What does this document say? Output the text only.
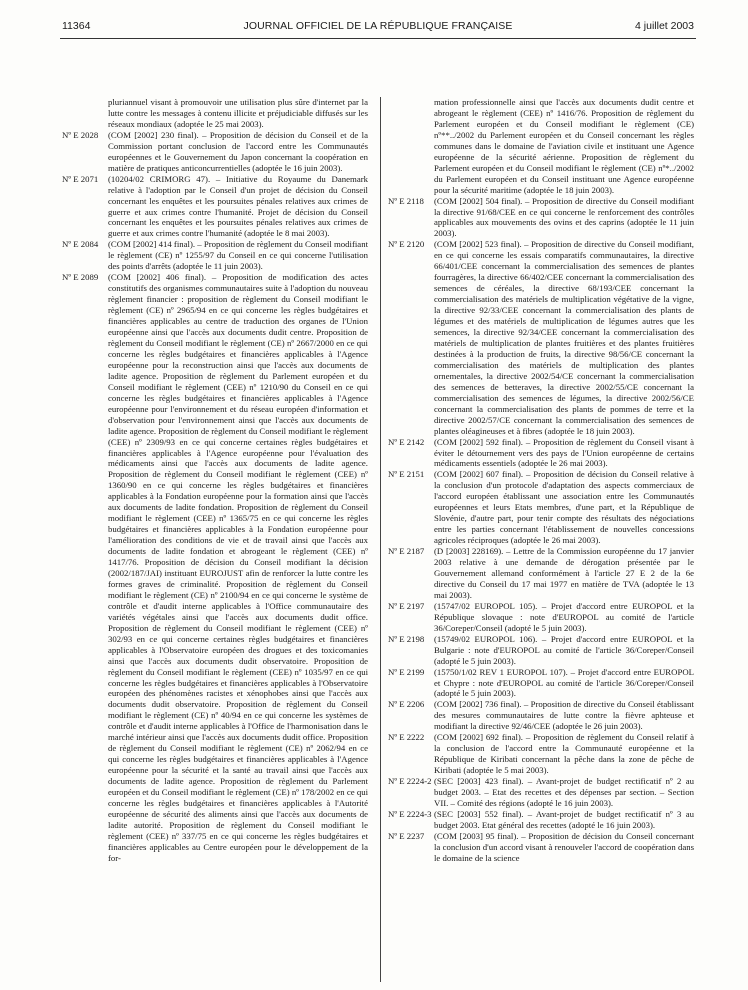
11364	JOURNAL OFFICIEL DE LA RÉPUBLIQUE FRANÇAISE	4 juillet 2003

pluriannuel visant à promouvoir une utilisation plus sûre d'internet par la lutte contre les messages à contenu illicite et préjudiciable diffusés sur les réseaux mondiaux (adoptée le 25 mai 2003).

Nº E 2028 (COM [2002] 230 final). – Proposition de décision du Conseil et de la Commission portant conclusion de l'accord entre les Communautés européennes et le Gouvernement du Japon concernant la coopération en matière de pratiques anticoncurrentielles (adoptée le 16 juin 2003).
Nº E 2071 (10204/02 CRIMORG 47). – Initiative du Royaume du Danemark relative à l'adoption par le Conseil d'un projet de décision du Conseil concernant les enquêtes et les poursuites pénales relatives aux crimes de guerre et aux crimes contre l'humanité. Projet de décision du Conseil concernant les enquêtes et les poursuites pénales relatives aux crimes de guerre et aux crimes contre l'humanité (adoptée le 8 mai 2003).
Nº E 2084 (COM [2002] 414 final). – Proposition de règlement du Conseil modifiant le règlement (CE) nº 1255/97 du Conseil en ce qui concerne l'utilisation des points d'arrêts (adoptée le 11 juin 2003).
Nº E 2089 (COM [2002] 406 final). – Proposition de modification des actes constitutifs des organismes communautaires suite à l'adoption du nouveau règlement financier : proposition de règlement du Conseil modifiant le règlement (CE) nº 2965/94 en ce qui concerne les règles budgétaires et financières applicables au centre de traduction des organes de l'Union européenne ainsi que l'accès aux documents dudit centre. Proposition de règlement du Conseil modifiant le règlement (CE) nº 2667/2000 en ce qui concerne les règles budgétaires et financières applicables à l'Agence européenne pour la reconstruction ainsi que l'accès aux documents de ladite agence. Proposition de règlement du Parlement européen et du Conseil modifiant le règlement (CEE) nº 1210/90 du Conseil en ce qui concerne les règles budgétaires et financières applicables à l'Agence européenne pour l'environnement et du réseau européen d'information et d'observation pour l'environnement ainsi que l'accès aux documents de ladite agence. Proposition de règlement du Conseil modifiant le règlement (CEE) nº 2309/93 en ce qui concerne certaines règles budgétaires et financières applicables à l'Agence européenne pour l'évaluation des médicaments ainsi que l'accès aux documents de ladite agence. Proposition de règlement du Conseil modifiant le règlement (CEE) nº 1360/90 en ce qui concerne les règles budgétaires et financières applicables à la Fondation européenne pour la formation ainsi que l'accès aux documents de ladite fondation. Proposition de règlement du Conseil modifiant le règlement (CEE) nº 1365/75 en ce qui concerne les règles budgétaires et financières applicables à la Fondation européenne pour l'amélioration des conditions de vie et de travail ainsi que l'accès aux documents de ladite fondation et abrogeant le règlement (CEE) nº 1417/76. Proposition de décision du Conseil modifiant la décision (2002/187/JAI) instituant EUROJUST afin de renforcer la lutte contre les formes graves de criminalité. Proposition de règlement du Conseil modifiant le règlement (CE) nº 2100/94 en ce qui concerne le système de contrôle et d'audit interne applicables à l'Office communautaire des variétés végétales ainsi que l'accès aux documents dudit office. Proposition de règlement du Conseil modifiant le règlement (CEE) nº 302/93 en ce qui concerne certaines règles budgétaires et financières applicables à l'Observatoire européen des drogues et des toxicomanies ainsi que l'accès aux documents dudit observatoire. Proposition de règlement du Conseil modifiant le règlement (CEE) nº 1035/97 en ce qui concerne les règles budgétaires et financières applicables à l'Observatoire européen des phénomènes racistes et xénophobes ainsi que l'accès aux documents dudit observatoire. Proposition de règlement du Conseil modifiant le règlement (CE) nº 40/94 en ce qui concerne les systèmes de contrôle et d'audit interne applicables à l'Office de l'harmonisation dans le marché intérieur ainsi que l'accès aux documents dudit office. Proposition de règlement du Conseil modifiant le règlement (CE) nº 2062/94 en ce qui concerne les règles budgétaires et financières applicables à l'Agence européenne pour la sécurité et la santé au travail ainsi que l'accès aux documents de ladite agence. Proposition de règlement du Parlement européen et du Conseil modifiant le règlement (CE) nº 178/2002 en ce qui concerne les règles budgétaires et financières applicables à l'Autorité européenne de sécurité des aliments ainsi que l'accès aux documents de ladite autorité. Proposition de règlement du Conseil modifiant le règlement (CEE) nº 337/75 en ce qui concerne les règles budgétaires et financières applicables au Centre européen pour le développement de la for-

mation professionnelle ainsi que l'accès aux documents dudit centre et abrogeant le règlement (CEE) nº 1416/76. Proposition de règlement du Parlement européen et du Conseil modifiant le règlement (CE) nº**../2002 du Parlement européen et du Conseil concernant les règles communes dans le domaine de l'aviation civile et instituant une Agence européenne de la sécurité aérienne. Proposition de règlement du Parlement européen et du Conseil modifiant le règlement (CE) nº*../2002 du Parlement européen et du Conseil instituant une Agence européenne pour la sécurité maritime (adoptée le 18 juin 2003).

Nº E 2118 (COM [2002] 504 final). – Proposition de directive du Conseil modifiant la directive 91/68/CEE en ce qui concerne le renforcement des contrôles applicables aux mouvements des ovins et des caprins (adoptée le 11 juin 2003).
Nº E 2120 (COM [2002] 523 final). – Proposition de directive du Conseil modifiant, en ce qui concerne les essais comparatifs communautaires, la directive 66/401/CEE concernant la commercialisation des semences de plantes fourragères, la directive 66/402/CEE concernant la commercialisation des semences de céréales, la directive 68/193/CEE concernant la commercialisation des matériels de multiplication végétative de la vigne, la directive 92/33/CEE concernant la commercialisation des plants de légumes et des matériels de multiplication de légumes autres que les semences, la directive 92/34/CEE concernant la commercialisation des matériels de multiplication de plantes fruitières et des plantes fruitières destinées à la production de fruits, la directive 98/56/CE concernant la commercialisation des matériels de multiplication des plantes ornementales, la directive 2002/54/CE concernant la commercialisation des semences de betteraves, la directive 2002/55/CE concernant la commercialisation des semences de légumes, la directive 2002/56/CE concernant la commercialisation des plants de pommes de terre et la directive 2002/57/CE concernant la commercialisation des semences de plantes oléagineuses et à fibres (adoptée le 18 juin 2003).
Nº E 2142 (COM [2002] 592 final). – Proposition de règlement du Conseil visant à éviter le détournement vers des pays de l'Union européenne de certains médicaments essentiels (adoptée le 26 mai 2003).
Nº E 2151 (COM [2002] 607 final). – Proposition de décision du Conseil relative à la conclusion d'un protocole d'adaptation des aspects commerciaux de l'accord européen établissant une association entre les Communautés européennes et leurs Etats membres, d'une part, et la République de Slovénie, d'autre part, pour tenir compte des résultats des négociations entre les parties concernant l'établissement de nouvelles concessions agricoles réciproques (adoptée le 26 mai 2003).
Nº E 2187 (D [2003] 228169). – Lettre de la Commission européenne du 17 janvier 2003 relative à une demande de dérogation présentée par le Gouvernement allemand conformément à l'article 27 E 2 de la 6e directive du Conseil du 17 mai 1977 en matière de TVA (adoptée le 13 mai 2003).
Nº E 2197 (15747/02 EUROPOL 105). – Projet d'accord entre EUROPOL et la République slovaque : note d'EUROPOL au comité de l'article 36/Coreper/Conseil (adopté le 5 juin 2003).
Nº E 2198 (15749/02 EUROPOL 106). – Projet d'accord entre EUROPOL et la Bulgarie : note d'EUROPOL au comité de l'article 36/Coreper/Conseil (adopté le 5 juin 2003).
Nº E 2199 (15750/1/02 REV 1 EUROPOL 107). – Projet d'accord entre EUROPOL et Chypre : note d'EUROPOL au comité de l'article 36/Coreper/Conseil (adopté le 5 juin 2003).
Nº E 2206 (COM [2002] 736 final). – Proposition de directive du Conseil établissant des mesures communautaires de lutte contre la fièvre aphteuse et modifiant la directive 92/46/CEE (adoptée le 26 juin 2003).
Nº E 2222 (COM [2002] 692 final). – Proposition de règlement du Conseil relatif à la conclusion de l'accord entre la Communauté européenne et la République de Kiribati concernant la pêche dans la zone de pêche de Kiribati (adoptée le 5 mai 2003).
Nº E 2224-2 (SEC [2003] 423 final). – Avant-projet de budget rectificatif nº 2 au budget 2003. – Etat des recettes et des dépenses par section. – Section VII. – Comité des régions (adopté le 16 juin 2003).
Nº E 2224-3 (SEC [2003] 552 final). – Avant-projet de budget rectificatif nº 3 au budget 2003. Etat général des recettes (adopté le 16 juin 2003).
Nº E 2237 (COM [2003] 95 final). – Proposition de décision du Conseil concernant la conclusion d'un accord visant à renouveler l'accord de coopération dans le domaine de la science
